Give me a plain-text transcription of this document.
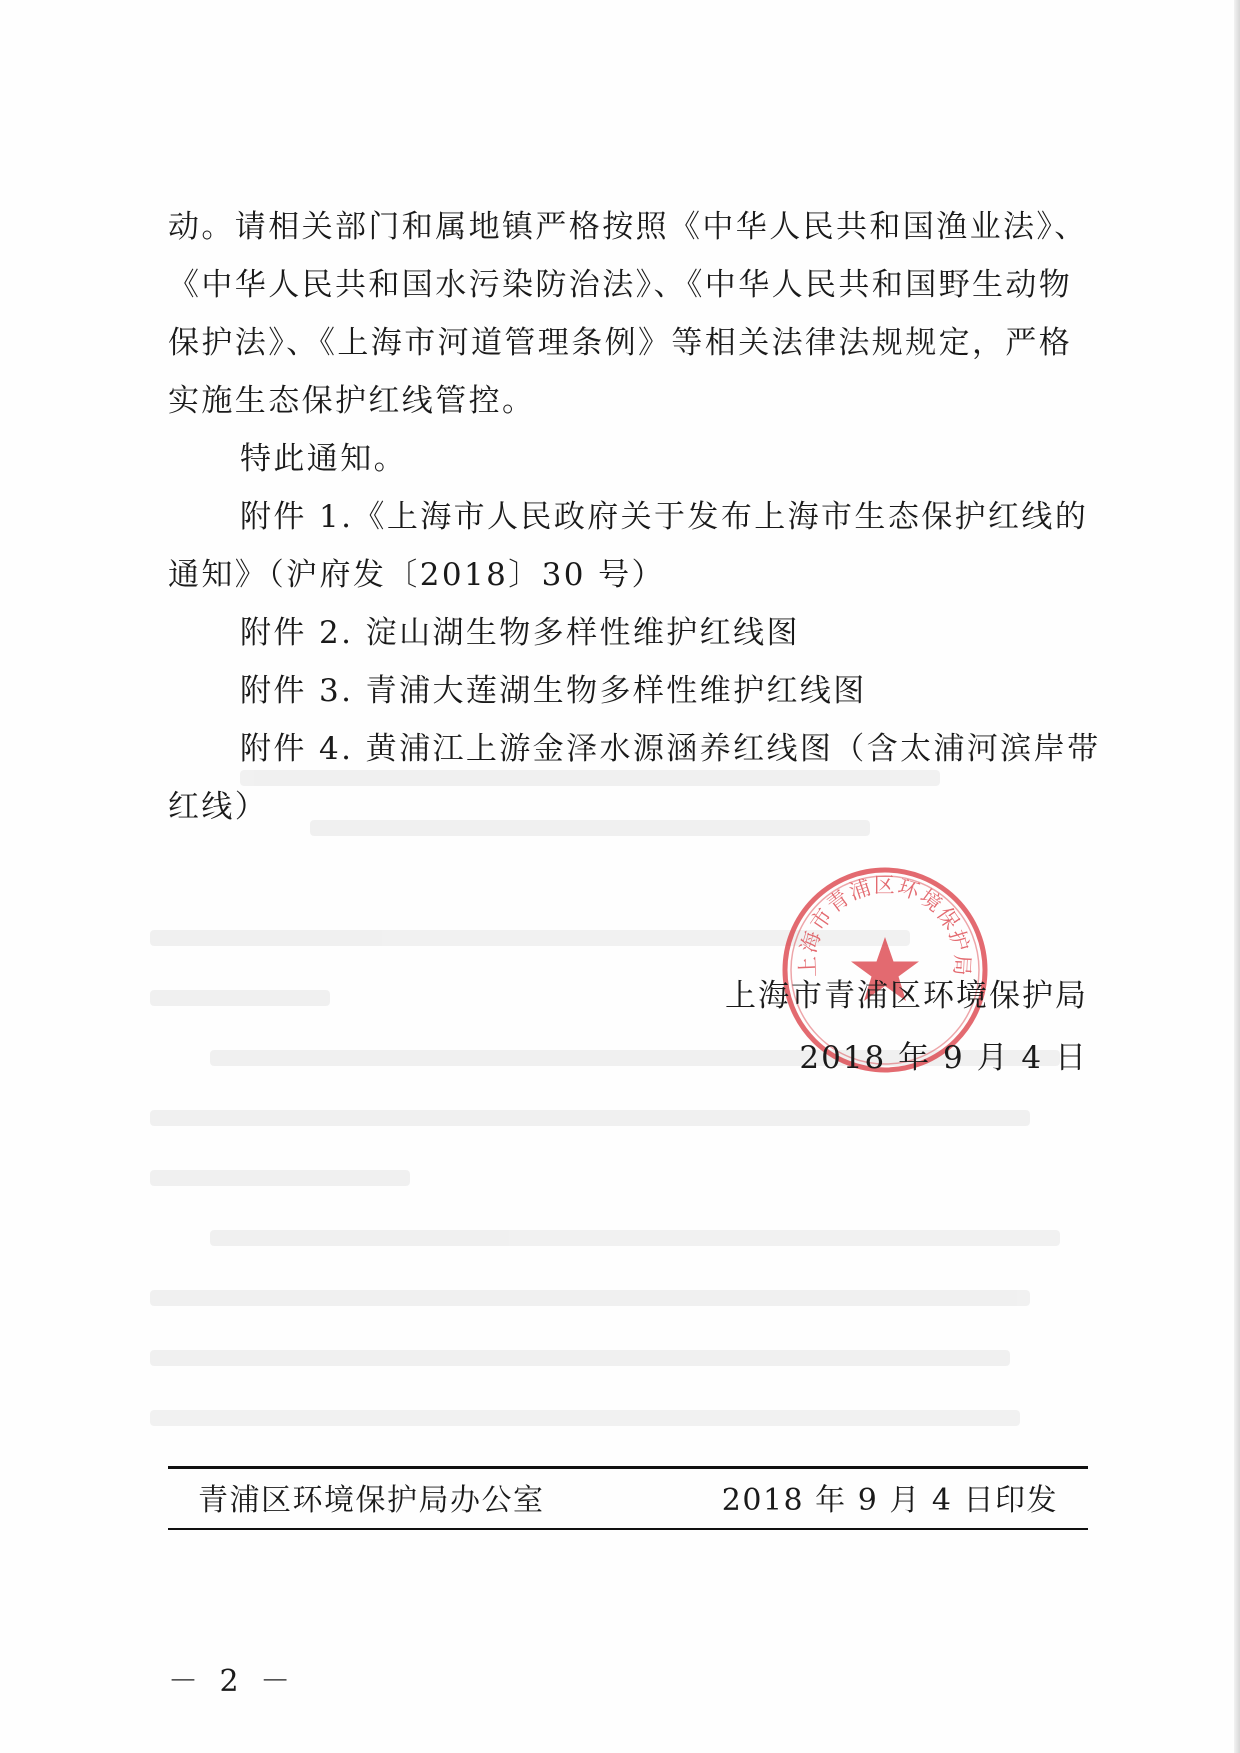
动。请相关部门和属地镇严格按照《中华人民共和国渔业法》、

《中华人民共和国水污染防治法》、《中华人民共和国野生动物

保护法》、《上海市河道管理条例》等相关法律法规规定，严格

实施生态保护红线管控。

特此通知。

附件 1.《上海市人民政府关于发布上海市生态保护红线的

通知》（沪府发〔2018〕30 号）

附件 2. 淀山湖生物多样性维护红线图

附件 3. 青浦大莲湖生物多样性维护红线图

附件 4. 黄浦江上游金泽水源涵养红线图（含太浦河滨岸带

红线）

上海市青浦区环境保护局
上海市青浦区环境保护局
2018 年 9 月 4 日
青浦区环境保护局办公室	2018 年 9 月 4 日印发
－ 2 －
